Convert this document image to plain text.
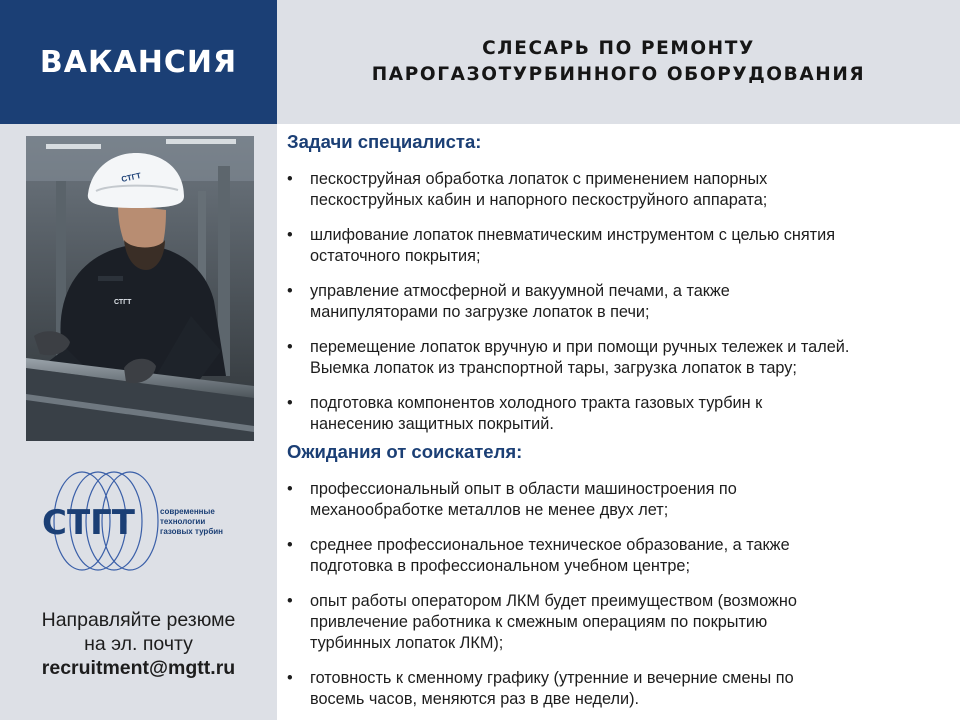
ВАКАНСИЯ	СЛЕСАРЬ ПО РЕМОНТУ
ПАРОГАЗОТУРБИННОГО ОБОРУДОВАНИЯ
СТГТ
СТГТ
СТГТ	современные
технологии
газовых турбин
Направляйте резюме
на эл. почту
recruitment@mgtt.ru
Задачи специалиста:
• пескоструйная обработка лопаток с применением напорных
пескоструйных кабин и напорного пескоструйного аппарата;
• шлифование лопаток пневматическим инструментом с целью снятия
остаточного покрытия;
• управление атмосферной и вакуумной печами, а также
манипуляторами по загрузке лопаток в печи;
• перемещение лопаток вручную и при помощи ручных тележек и талей.
Выемка лопаток из транспортной тары, загрузка лопаток в тару;
• подготовка компонентов холодного тракта газовых турбин к
нанесению защитных покрытий.
Ожидания от соискателя:
• профессиональный опыт в области машиностроения по
механообработке металлов не менее двух лет;
• среднее профессиональное техническое образование, а также
подготовка в профессиональном учебном центре;
• опыт работы оператором ЛКМ будет преимуществом (возможно
привлечение работника к смежным операциям по покрытию
турбинных лопаток ЛКМ);
• готовность к сменному графику (утренние и вечерние смены по
восемь часов, меняются раз в две недели).
